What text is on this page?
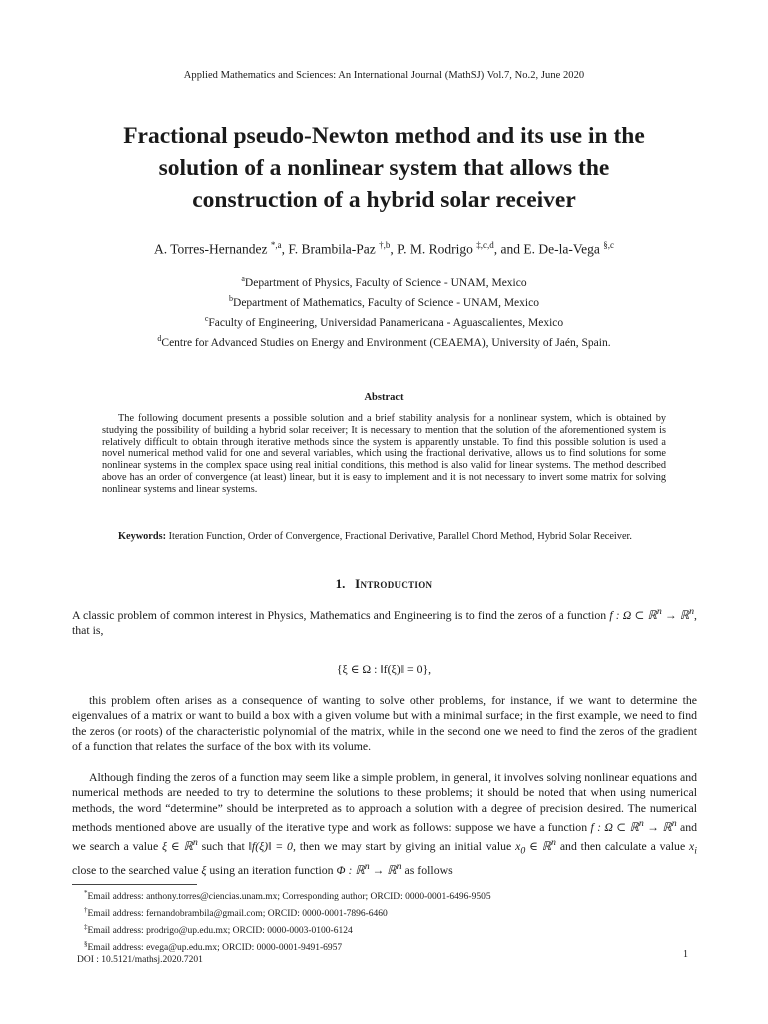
Applied Mathematics and Sciences: An International Journal (MathSJ) Vol.7, No.2, June 2020
Fractional pseudo-Newton method and its use in the
solution of a nonlinear system that allows the
construction of a hybrid solar receiver
A. Torres-Hernandez $^{*,a}$, F. Brambila-Paz $^{\dagger,b}$, P. M. Rodrigo $^{\ddagger,c,d}$, and E. De-la-Vega $^{\S,c}$
$^a$Department of Physics, Faculty of Science - UNAM, Mexico
$^b$Department of Mathematics, Faculty of Science - UNAM, Mexico
$^c$Faculty of Engineering, Universidad Panamericana - Aguascalientes, Mexico
$^d$Centre for Advanced Studies on Energy and Environment (CEAEMA), University of Jaén, Spain.
Abstract
The following document presents a possible solution and a brief stability analysis for a nonlinear system, which is obtained by studying the possibility of building a hybrid solar receiver; It is necessary to mention that the solution of the aforementioned system is relatively difficult to obtain through iterative methods since the system is apparently unstable. To find this possible solution is used a novel numerical method valid for one and several variables, which using the fractional derivative, allows us to find solutions for some nonlinear systems in the complex space using real initial conditions, this method is also valid for linear systems. The method described above has an order of convergence (at least) linear, but it is easy to implement and it is not necessary to invert some matrix for solving nonlinear systems and linear systems.
Keywords: Iteration Function, Order of Convergence, Fractional Derivative, Parallel Chord Method, Hybrid Solar Receiver.
1. Introduction
A classic problem of common interest in Physics, Mathematics and Engineering is to find the zeros of a function f : Ω ⊂ ℝ$^n$ → ℝ$^n$, that is,
{ξ ∈ Ω : ‖f(ξ)‖ = 0},
this problem often arises as a consequence of wanting to solve other problems, for instance, if we want to determine the eigenvalues of a matrix or want to build a box with a given volume but with a minimal surface; in the first example, we need to find the zeros (or roots) of the characteristic polynomial of the matrix, while in the second one we need to find the zeros of the gradient of a function that relates the surface of the box with its volume.
Although finding the zeros of a function may seem like a simple problem, in general, it involves solving nonlinear equations and numerical methods are needed to try to determine the solutions to these problems; it should be noted that when using numerical methods, the word “determine” should be interpreted as to approach a solution with a degree of precision desired. The numerical methods mentioned above are usually of the iterative type and work as follows: suppose we have a function f : Ω ⊂ ℝ$^n$ → ℝ$^n$ and we search a value ξ ∈ ℝ$^n$ such that ‖f(ξ)‖ = 0, then we may start by giving an initial value $x_0$ ∈ ℝ$^n$ and then calculate a value $x_i$ close to the searched value ξ using an iteration function Φ : ℝ$^n$ → ℝ$^n$ as follows
*Email address: anthony.torres@ciencias.unam.mx; Corresponding author; ORCID: 0000-0001-6496-9505
†Email address: fernandobrambila@gmail.com; ORCID: 0000-0001-7896-6460
‡Email address: prodrigo@up.edu.mx; ORCID: 0000-0003-0100-6124
§Email address: evega@up.edu.mx; ORCID: 0000-0001-9491-6957
DOI : 10.5121/mathsj.2020.7201	1
